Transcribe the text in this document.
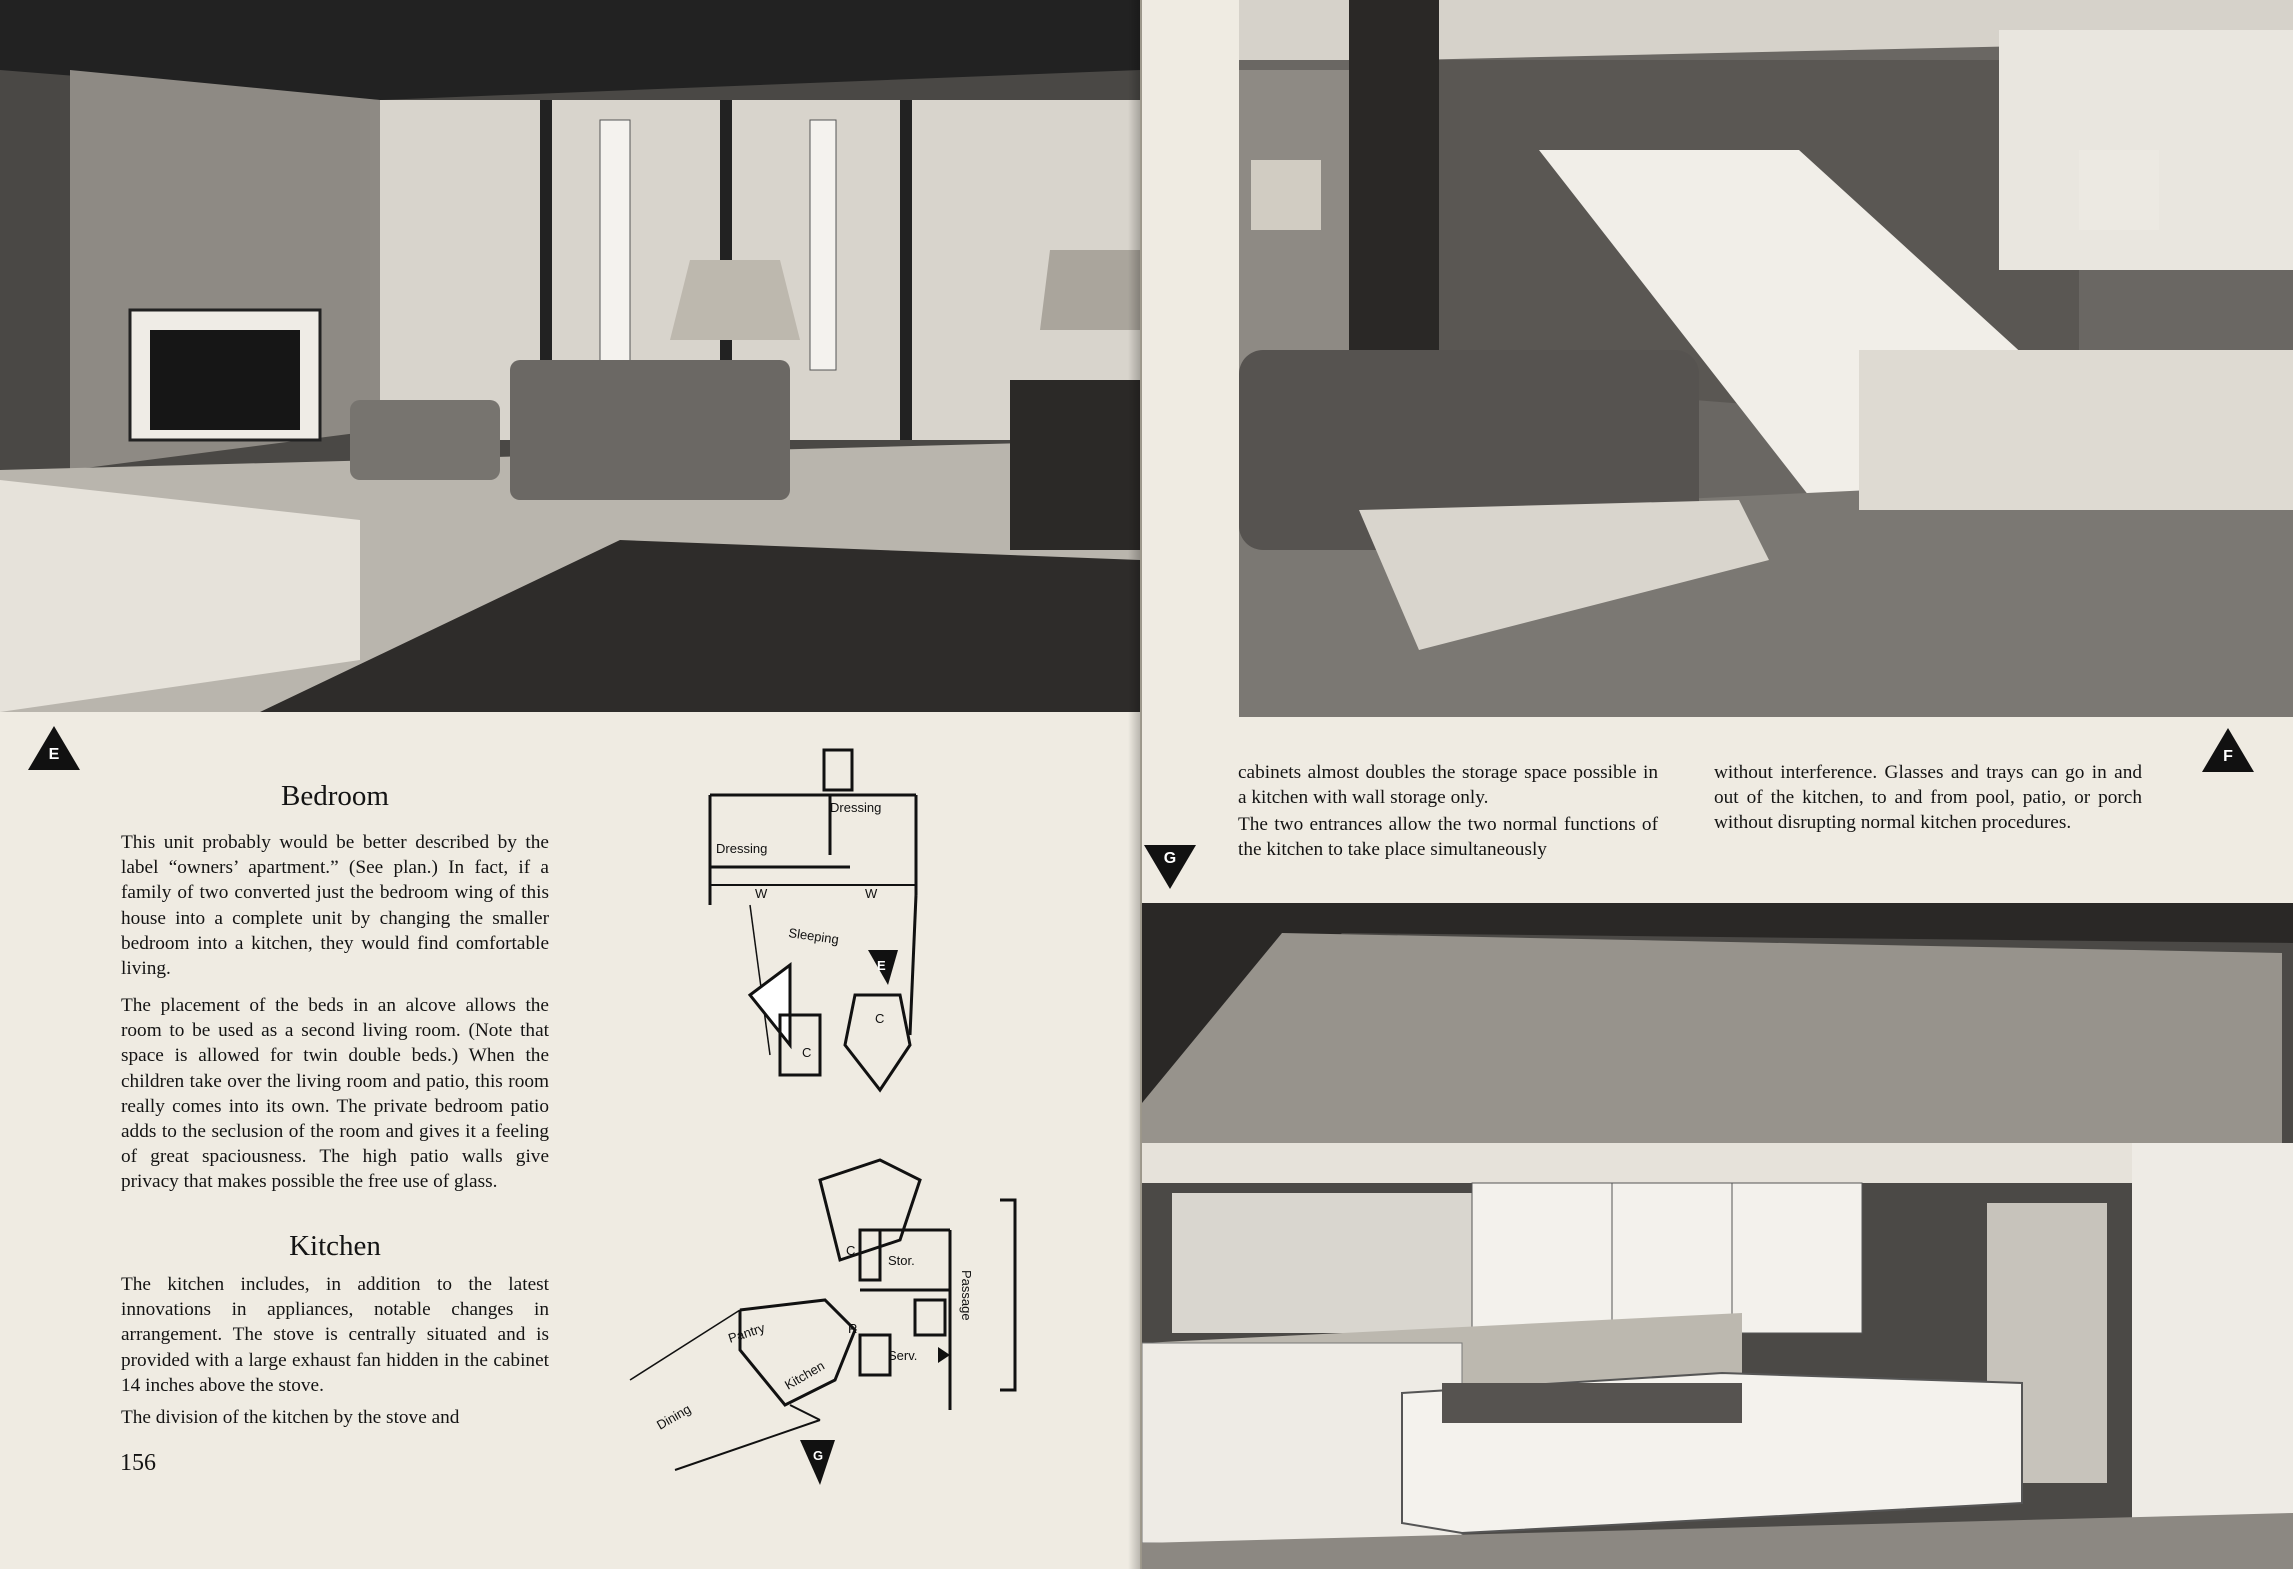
E
Bedroom

This unit probably would be better described by the label “owners’ apartment.” (See plan.) In fact, if a family of two converted just the bedroom wing of this house into a complete unit by changing the smaller bedroom into a kitchen, they would find comfortable living.

The placement of the beds in an alcove allows the room to be used as a second living room. (Note that space is allowed for twin double beds.) When the children take over the living room and patio, this room really comes into its own. The private bedroom patio adds to the seclusion of the room and gives it a feeling of great spaciousness. The high patio walls give privacy that makes possible the free use of glass.

Kitchen

The kitchen includes, in addition to the latest innovations in appliances, notable changes in arrangement. The stove is centrally situated and is provided with a large exhaust fan hidden in the cabinet 14 inches above the stove.

The division of the kitchen by the stove and

156
Dressing
Dressing
W	W
Sleeping
E
F
C
C
Stor.
C
R
Pantry
Kitchen
Serv.
Passage
Dining
G
G
F

cabinets almost doubles the storage space possible in a kitchen with wall storage only.

The two entrances allow the two normal functions of the kitchen to take place simultaneously

without interference. Glasses and trays can go in and out of the kitchen, to and from pool, patio, or porch without disrupting normal kitchen procedures.
